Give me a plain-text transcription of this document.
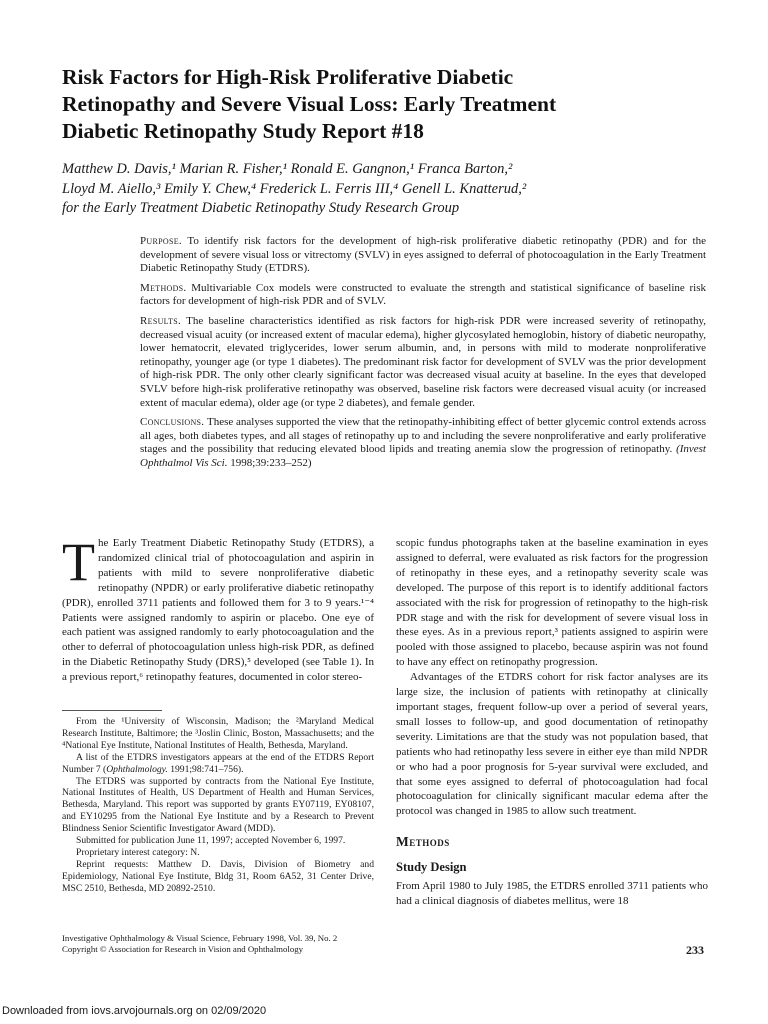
Risk Factors for High-Risk Proliferative Diabetic
Retinopathy and Severe Visual Loss: Early Treatment
Diabetic Retinopathy Study Report #18
Matthew D. Davis,¹ Marian R. Fisher,¹ Ronald E. Gangnon,¹ Franca Barton,²
Lloyd M. Aiello,³ Emily Y. Chew,⁴ Frederick L. Ferris III,⁴ Genell L. Knatterud,²
for the Early Treatment Diabetic Retinopathy Study Research Group

Purpose. To identify risk factors for the development of high-risk proliferative diabetic retinopathy (PDR) and for the development of severe visual loss or vitrectomy (SVLV) in eyes assigned to deferral of photocoagulation in the Early Treatment Diabetic Retinopathy Study (ETDRS).

Methods. Multivariable Cox models were constructed to evaluate the strength and statistical significance of baseline risk factors for development of high-risk PDR and of SVLV.

Results. The baseline characteristics identified as risk factors for high-risk PDR were increased severity of retinopathy, decreased visual acuity (or increased extent of macular edema), higher glycosylated hemoglobin, history of diabetic neuropathy, lower hematocrit, elevated triglycerides, lower serum albumin, and, in persons with mild to moderate nonproliferative retinopathy, younger age (or type 1 diabetes). The predominant risk factor for development of SVLV was the prior development of high-risk PDR. The only other clearly significant factor was decreased visual acuity at baseline. In the eyes that developed SVLV before high-risk proliferative retinopathy was observed, baseline risk factors were decreased visual acuity (or increased extent of macular edema), older age (or type 2 diabetes), and female gender.

Conclusions. These analyses supported the view that the retinopathy-inhibiting effect of better glycemic control extends across all ages, both diabetes types, and all stages of retinopathy up to and including the severe nonproliferative and early proliferative stages and the possibility that reducing elevated blood lipids and treating anemia slow the progression of retinopathy. (Invest Ophthalmol Vis Sci. 1998;39:233–252)

The Early Treatment Diabetic Retinopathy Study (ETDRS), a randomized clinical trial of photocoagulation and aspirin in patients with mild to severe nonproliferative diabetic retinopathy (NPDR) or early proliferative diabetic retinopathy (PDR), enrolled 3711 patients and followed them for 3 to 9 years.¹⁻⁴ Patients were assigned randomly to aspirin or placebo. One eye of each patient was assigned randomly to early photocoagulation and the other to deferral of photocoagulation unless high-risk PDR, as defined in the Diabetic Retinopathy Study (DRS),⁵ developed (see Table 1). In a previous report,⁶ retinopathy features, documented in color stereo-

From the ¹University of Wisconsin, Madison; the ²Maryland Medical Research Institute, Baltimore; the ³Joslin Clinic, Boston, Massachusetts; and the ⁴National Eye Institute, National Institutes of Health, Bethesda, Maryland.

A list of the ETDRS investigators appears at the end of the ETDRS Report Number 7 (Ophthalmology. 1991;98:741–756).

The ETDRS was supported by contracts from the National Eye Institute, National Institutes of Health, US Department of Health and Human Services, Bethesda, Maryland. This report was supported by grants EY07119, EY08107, and EY10295 from the National Eye Institute and by a Research to Prevent Blindness Senior Scientific Investigator Award (MDD).

Submitted for publication June 11, 1997; accepted November 6, 1997.

Proprietary interest category: N.

Reprint requests: Matthew D. Davis, Division of Biometry and Epidemiology, National Eye Institute, Bldg 31, Room 6A52, 31 Center Drive, MSC 2510, Bethesda, MD 20892-2510.

scopic fundus photographs taken at the baseline examination in eyes assigned to deferral, were evaluated as risk factors for the progression of retinopathy in these eyes, and a retinopathy severity scale was developed. The purpose of this report is to identify additional factors associated with the risk for progression of retinopathy to the high-risk PDR stage and with the risk for development of severe visual loss in these eyes. As in a previous report,³ patients assigned to aspirin were pooled with those assigned to placebo, because aspirin was not found to have any effect on retinopathy progression.

Advantages of the ETDRS cohort for risk factor analyses are its large size, the inclusion of patients with retinopathy at clinically important stages, frequent follow-up over a period of several years, small losses to follow-up, and good documentation of retinopathy severity. Limitations are that the study was not population based, that patients who had retinopathy less severe in either eye than mild NPDR or who had a poor prognosis for 5-year survival were excluded, and that some eyes assigned to deferral of photocoagulation had focal photocoagulation for clinically significant macular edema after the protocol was changed in 1985 to allow such treatment.

Methods

Study Design

From April 1980 to July 1985, the ETDRS enrolled 3711 patients who had a clinical diagnosis of diabetes mellitus, were 18

Investigative Ophthalmology & Visual Science, February 1998, Vol. 39, No. 2
Copyright © Association for Research in Vision and Ophthalmology	233
Downloaded from iovs.arvojournals.org on 02/09/2020
